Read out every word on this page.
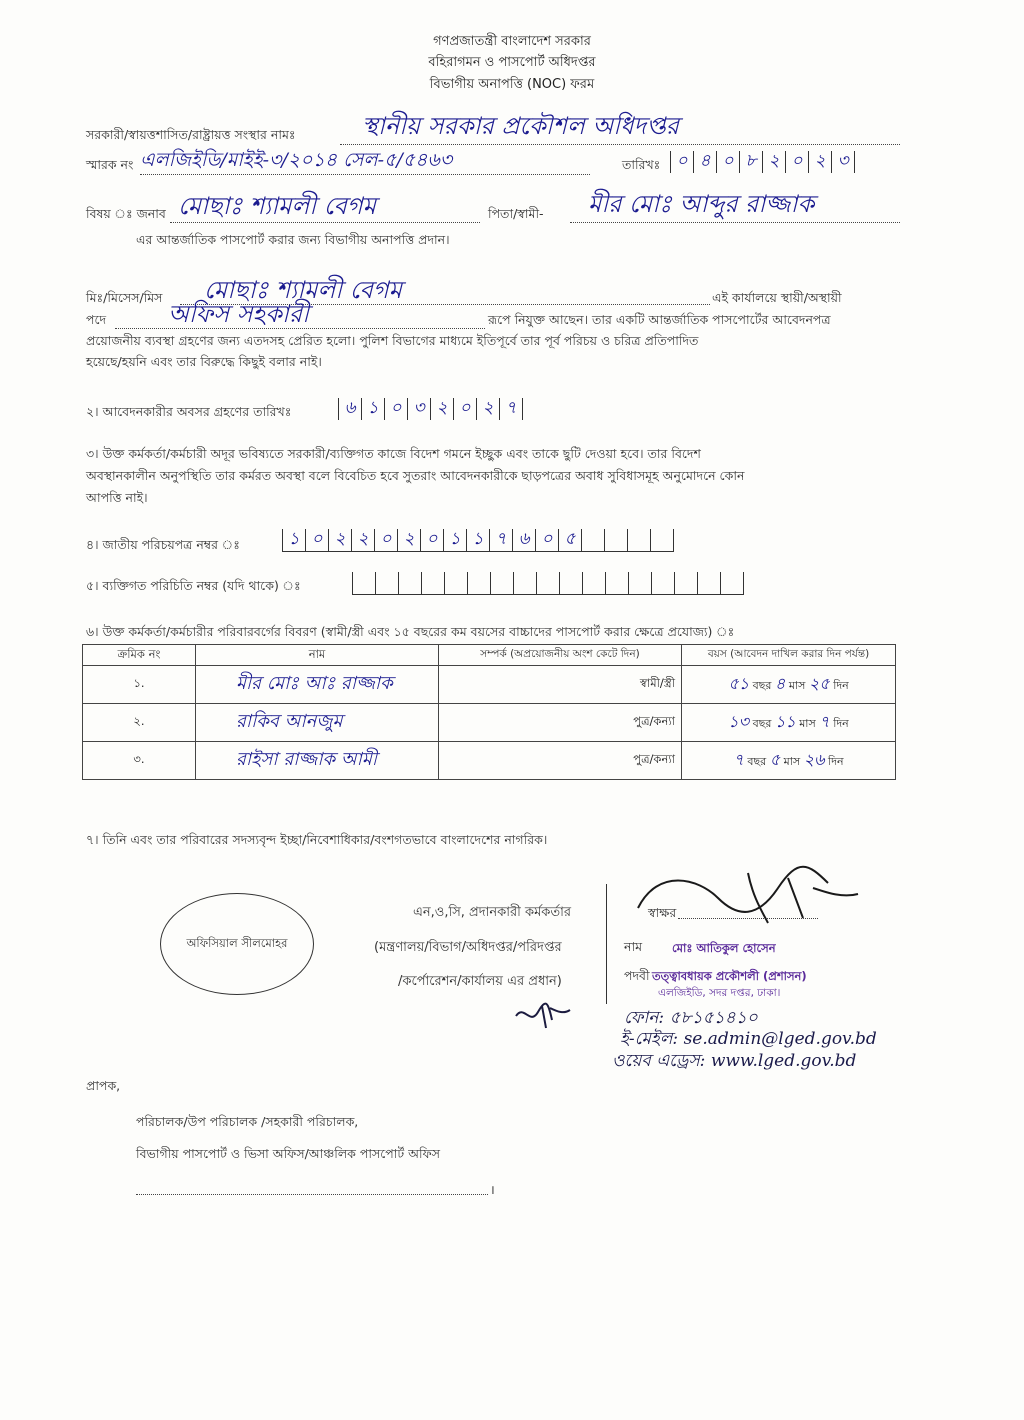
গণপ্রজাতন্ত্রী বাংলাদেশ সরকার
বহিরাগমন ও পাসপোর্ট অধিদপ্তর
বিভাগীয় অনাপত্তি (NOC) ফরম
সরকারী/স্বায়ত্তশাসিত/রাষ্ট্রায়ত্ত সংস্থার নামঃ	স্থানীয় সরকার প্রকৌশল অধিদপ্তর
স্মারক নং এলজিইডি/মাইই-৩/২০১৪ সেল-৫/৫৪৬৩	তারিখঃ ০ ৪ ০ ৮ ২ ০ ২ ৩
বিষয় ঃ জনাব মোছাঃ শ্যামলী বেগম	পিতা/স্বামী- মীর মোঃ আব্দুর রাজ্জাক
এর আন্তর্জাতিক পাসপোর্ট করার জন্য বিভাগীয় অনাপত্তি প্রদান।
মিঃ/মিসেস/মিস মোছাঃ শ্যামলী বেগম	এই কার্যালয়ে স্থায়ী/অস্থায়ী
পদে	অফিস সহকারী	রূপে নিযুক্ত আছেন। তার একটি আন্তর্জাতিক পাসপোর্টের আবেদনপত্র
প্রয়োজনীয় ব্যবস্থা গ্রহণের জন্য এতদসহ প্রেরিত হলো। পুলিশ বিভাগের মাধ্যমে ইতিপূর্বে তার পূর্ব পরিচয় ও চরিত্র প্রতিপাদিত
হয়েছে/হয়নি এবং তার বিরুদ্ধে কিছুই বলার নাই।
২। আবেদনকারীর অবসর গ্রহণের তারিখঃ	৬ ১ ০ ৩ ২ ০ ২ ৭
৩। উক্ত কর্মকর্তা/কর্মচারী অদূর ভবিষ্যতে সরকারী/ব্যক্তিগত কাজে বিদেশ গমনে ইচ্ছুক এবং তাকে ছুটি দেওয়া হবে। তার বিদেশ
অবস্থানকালীন অনুপস্থিতি তার কর্মরত অবস্থা বলে বিবেচিত হবে সুতরাং আবেদনকারীকে ছাড়পত্রের অবাধ সুবিধাসমূহ অনুমোদনে কোন
আপত্তি নাই।
৪। জাতীয় পরিচয়পত্র নম্বর ঃ	১ ০ ২ ২ ০ ২ ০ ১ ১ ৭ ৬ ০ ৫
৫। ব্যক্তিগত পরিচিতি নম্বর (যদি থাকে) ঃ
৬। উক্ত কর্মকর্তা/কর্মচারীর পরিবারবর্গের বিবরণ (স্বামী/স্ত্রী এবং ১৫ বছরের কম বয়সের বাচ্চাদের পাসপোর্ট করার ক্ষেত্রে প্রযোজ্য) ঃ
ক্রমিক নং	নাম	সম্পর্ক (অপ্রয়োজনীয় অংশ কেটে দিন)	বয়স (আবেদন দাখিল করার দিন পর্যন্ত)
১.	মীর মোঃ আঃ রাজ্জাক	স্বামী/স্ত্রী	৫১ বছর ৪ মাস ২৫ দিন
২.	রাকিব আনজুম	পুত্র/কন্যা	১৩ বছর ১১ মাস ৭ দিন
৩.	রাইসা রাজ্জাক আমী	পুত্র/কন্যা	৭ বছর ৫ মাস ২৬ দিন
৭। তিনি এবং তার পরিবারের সদস্যবৃন্দ ইচ্ছা/নিবেশাধিকার/বংশগতভাবে বাংলাদেশের নাগরিক।
অফিসিয়াল সীলমোহর
এন,ও,সি, প্রদানকারী কর্মকর্তার
(মন্ত্রণালয়/বিভাগ/অধিদপ্তর/পরিদপ্তর
/কর্পোরেশন/কার্যালয় এর প্রধান)
স্বাক্ষর
নাম
পদবী
মোঃ আতিকুল হোসেন
তত্ত্বাবধায়ক প্রকৌশলী (প্রশাসন)
এলজিইডি, সদর দপ্তর, ঢাকা।
ফোন: ৫৮১৫১৪১০
ই-মেইল: se.admin@lged.gov.bd
ওয়েব এড্রেস: www.lged.gov.bd
প্রাপক,
পরিচালক/উপ পরিচালক /সহকারী পরিচালক,
বিভাগীয় পাসপোর্ট ও ভিসা অফিস/আঞ্চলিক পাসপোর্ট অফিস
।
